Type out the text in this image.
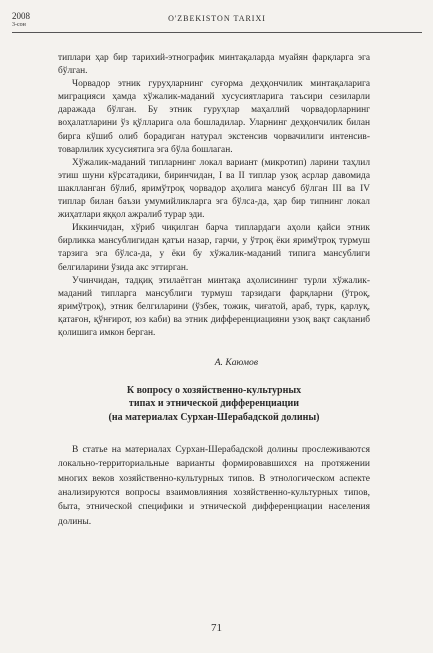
2008
3-сон
O'ZBEKISTON TARIXI

типлари ҳар бир тарихий-этнографик минтақаларда муайян фарқларга эга бўлган.

Чорвадор этник гуруҳларнинг суғорма деҳқончилик минтақаларига миграцияси ҳамда хўжалик-маданий хусусиятларига таъсири сезиларли даражада бўлган. Бу этник гуруҳлар маҳаллий чорвадорларнинг воҳалатларини ўз қўлларига ола бошладилар. Уларнинг деҳқончилик билан бирга кўшиб олиб борадиган натурал экстенсив чорвачилиги интенсив-товарлилик хусусиятига эга бўла бошлаган.

Хўжалик-маданий типларнинг локал вариант (микротип) ларини таҳлил этиш шуни кўрсатадики, биринчидан, I ва II типлар узоқ асрлар давомида шаклланган бўлиб, яримўтроқ чорвадор аҳолига мансуб бўлган III ва IV типлар билан баъзи умумийликларга эга бўлса-да, ҳар бир типнинг локал жиҳатлари яққол ажралиб турар эди.

Иккинчидан, хўриб чиқилган барча типлардаги аҳоли қайси этник бирликка мансублигидан қатъи назар, гарчи, у ўтроқ ёки яримўтроқ турмуш тарзига эга бўлса-да, у ёки бу хўжалик-маданий типига мансублиги белгиларини ўзида акс эттирган.

Учинчидан, тадқиқ этилаётган минтақа аҳолисининг турли хўжалик-маданий типларга мансублиги турмуш тарзидаги фарқларни (ўтроқ, яримўтроқ), этник белгиларини (ўзбек, тожик, чиғатой, араб, турк, қарлуқ, қатағон, қўнғирот, юз каби) ва этник дифференциацияни узоқ вақт сақланиб қолишига имкон берган.

А. Каюмов

К вопросу о хозяйственно-культурных

типах и этнической дифференциации

(на материалах Сурхан-Шерабадской долины)

В статье на материалах Сурхан-Шерабадской долины прослеживаются локально-территориальные варианты формировавшихся на протяжении многих веков хозяйственно-культурных типов. В этнологическом аспекте анализируются вопросы взаимовлияния хозяйственно-культурных типов, быта, этнической специфики и этнической дифференциации населения долины.

71
